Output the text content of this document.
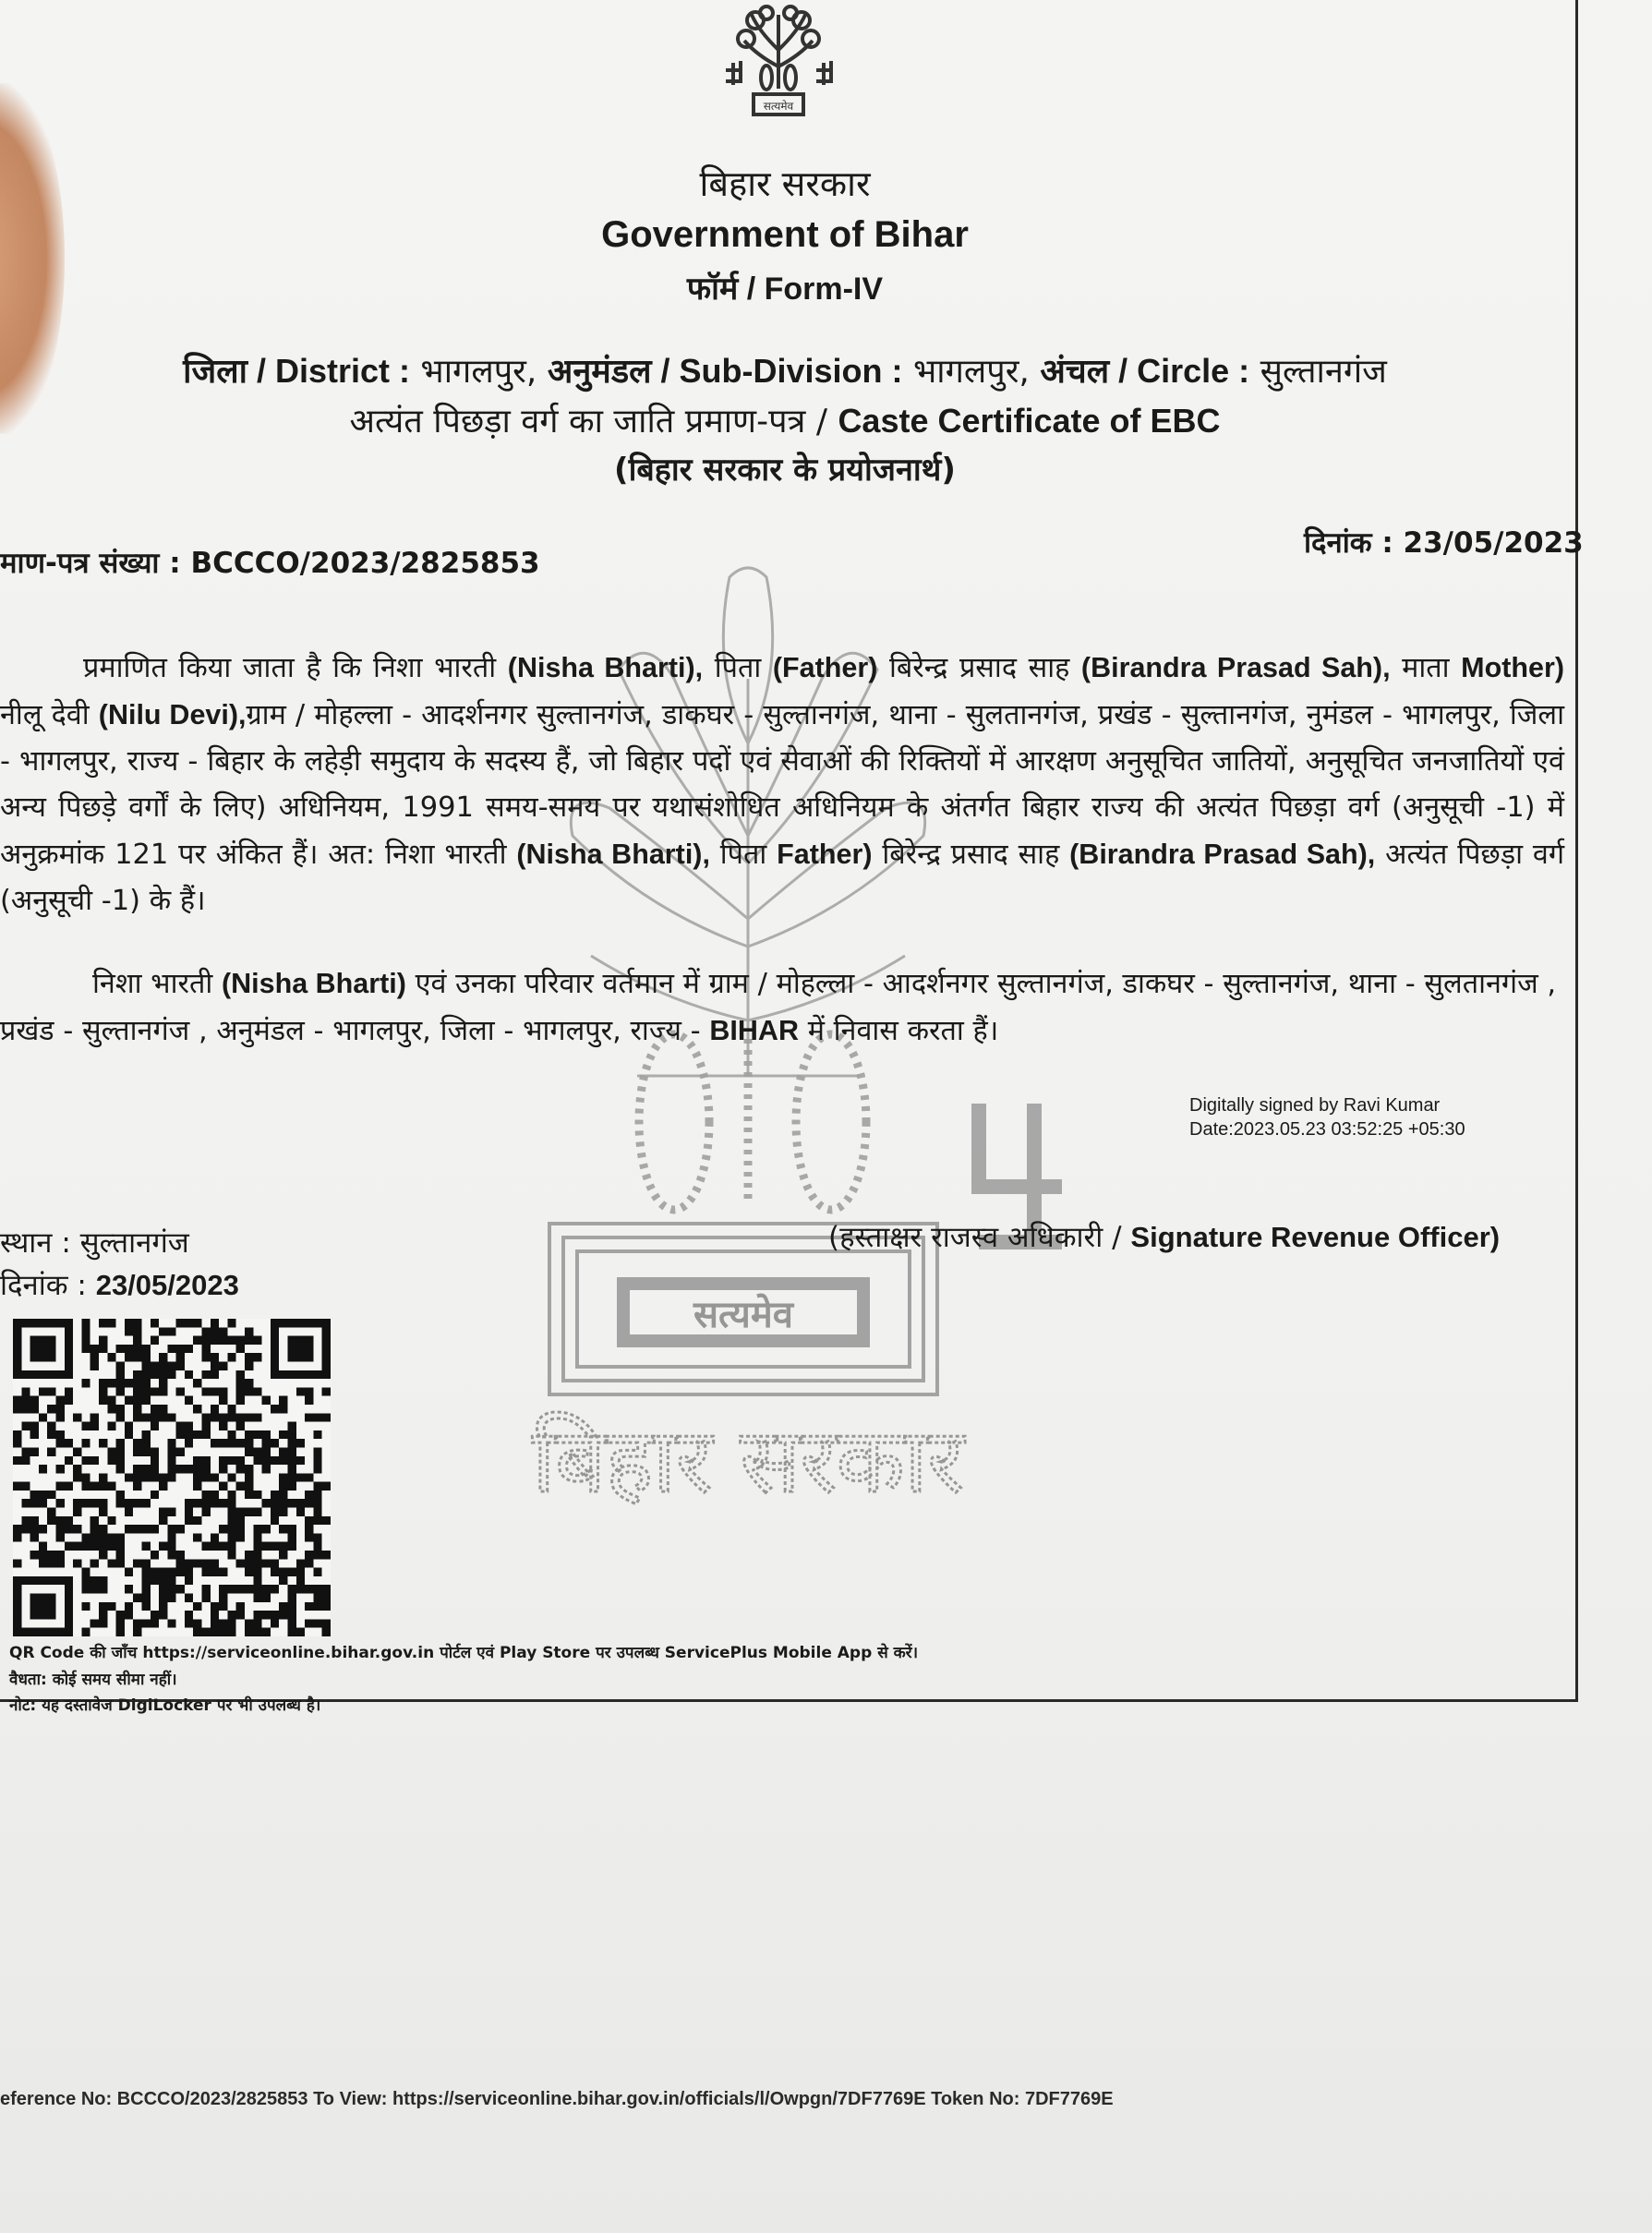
सत्यमेव
बिहार सरकार
Government of Bihar
फॉर्म / Form-IV
जिला / District : भागलपुर, अनुमंडल / Sub-Division : भागलपुर, अंचल / Circle : सुल्तानगंज
अत्यंत पिछड़ा वर्ग का जाति प्रमाण-पत्र / Caste Certificate of EBC
(बिहार सरकार के प्रयोजनार्थ)
माण-पत्र संख्या : BCCCO/2023/2825853
दिनांक : 23/05/2023
सत्यमेव
बिहार सरकार
प्रमाणित किया जाता है कि निशा भारती (Nisha Bharti), पिता (Father) बिरेन्द्र प्रसाद साह (Birandra Prasad Sah), माता Mother) नीलू देवी (Nilu Devi),ग्राम / मोहल्ला - आदर्शनगर सुल्तानगंज, डाकघर - सुल्तानगंज, थाना - सुलतानगंज, प्रखंड - सुल्तानगंज, नुमंडल - भागलपुर, जिला - भागलपुर, राज्य - बिहार के लहेड़ी समुदाय के सदस्य हैं, जो बिहार पदों एवं सेवाओं की रिक्तियों में आरक्षण अनुसूचित जातियों, अनुसूचित जनजातियों एवं अन्य पिछड़े वर्गों के लिए) अधिनियम, 1991 समय-समय पर यथासंशोधित अधिनियम के अंतर्गत बिहार राज्य की अत्यंत पिछड़ा वर्ग (अनुसूची -1) में अनुक्रमांक 121 पर अंकित हैं। अत: निशा भारती (Nisha Bharti), पिता Father) बिरेन्द्र प्रसाद साह (Birandra Prasad Sah), अत्यंत पिछड़ा वर्ग (अनुसूची -1) के हैं।
निशा भारती (Nisha Bharti) एवं उनका परिवार वर्तमान में ग्राम / मोहल्ला - आदर्शनगर सुल्तानगंज, डाकघर - सुल्तानगंज, थाना - सुलतानगंज , प्रखंड - सुल्तानगंज , अनुमंडल - भागलपुर, जिला - भागलपुर, राज्य - BIHAR में निवास करता हैं।
Digitally signed by Ravi Kumar
Date:2023.05.23 03:52:25 +05:30
(हस्ताक्षर राजस्व अधिकारी / Signature Revenue Officer)
स्थान : सुल्तानगंज
दिनांक : 23/05/2023
QR Code की जाँच https://serviceonline.bihar.gov.in पोर्टल एवं Play Store पर उपलब्ध ServicePlus Mobile App से करें।
वैधता: कोई समय सीमा नहीं।
नोट: यह दस्तावेज DigiLocker पर भी उपलब्ध है।
eference No: BCCCO/2023/2825853 To View: https://serviceonline.bihar.gov.in/officials/l/Owpgn/7DF7769E Token No: 7DF7769E
